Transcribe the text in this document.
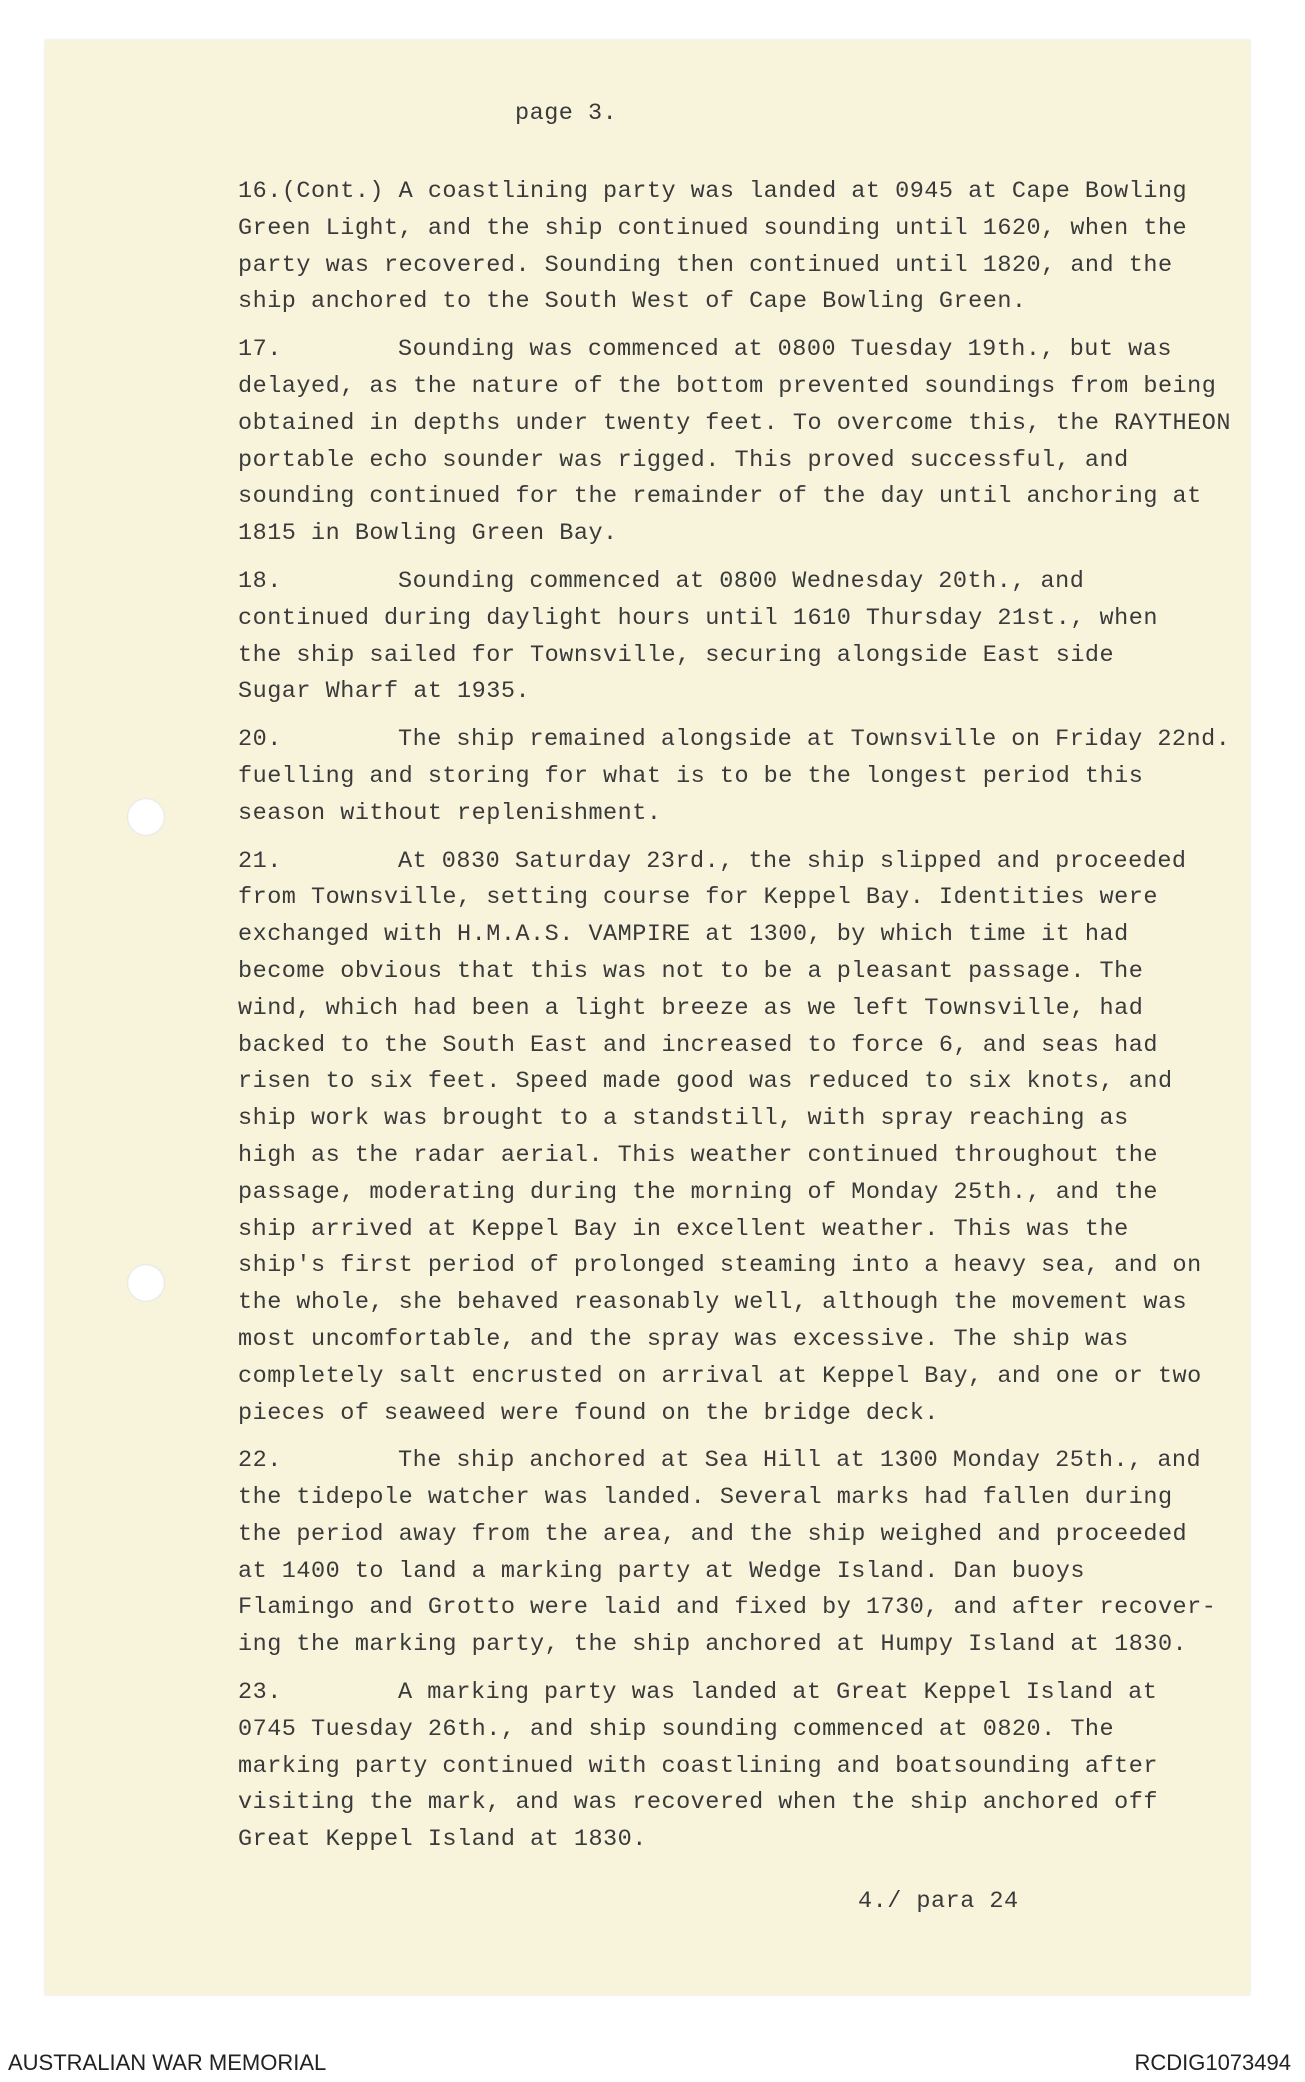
page 3.
16.(Cont.) A coastlining party was landed at 0945 at Cape Bowling
Green Light, and the ship continued sounding until 1620, when the
party was recovered. Sounding then continued until 1820, and the
ship anchored to the South West of Cape Bowling Green.
17.	Sounding was commenced at 0800 Tuesday 19th., but was
delayed, as the nature of the bottom prevented soundings from being
obtained in depths under twenty feet. To overcome this, the RAYTHEON
portable echo sounder was rigged. This proved successful, and
sounding continued for the remainder of the day until anchoring at
1815 in Bowling Green Bay.
18.	Sounding commenced at 0800 Wednesday 20th., and
continued during daylight hours until 1610 Thursday 21st., when
the ship sailed for Townsville, securing alongside East side
Sugar Wharf at 1935.
20.	The ship remained alongside at Townsville on Friday 22nd.
fuelling and storing for what is to be the longest period this
season without replenishment.
21.	At 0830 Saturday 23rd., the ship slipped and proceeded
from Townsville, setting course for Keppel Bay. Identities were
exchanged with H.M.A.S. VAMPIRE at 1300, by which time it had
become obvious that this was not to be a pleasant passage. The
wind, which had been a light breeze as we left Townsville, had
backed to the South East and increased to force 6, and seas had
risen to six feet. Speed made good was reduced to six knots, and
ship work was brought to a standstill, with spray reaching as
high as the radar aerial. This weather continued throughout the
passage, moderating during the morning of Monday 25th., and the
ship arrived at Keppel Bay in excellent weather. This was the
ship's first period of prolonged steaming into a heavy sea, and on
the whole, she behaved reasonably well, although the movement was
most uncomfortable, and the spray was excessive. The ship was
completely salt encrusted on arrival at Keppel Bay, and one or two
pieces of seaweed were found on the bridge deck.
22.	The ship anchored at Sea Hill at 1300 Monday 25th., and
the tidepole watcher was landed. Several marks had fallen during
the period away from the area, and the ship weighed and proceeded
at 1400 to land a marking party at Wedge Island. Dan buoys
Flamingo and Grotto were laid and fixed by 1730, and after recover-
ing the marking party, the ship anchored at Humpy Island at 1830.
23.	A marking party was landed at Great Keppel Island at
0745 Tuesday 26th., and ship sounding commenced at 0820. The
marking party continued with coastlining and boatsounding after
visiting the mark, and was recovered when the ship anchored off
Great Keppel Island at 1830.
4./ para 24
AUSTRALIAN WAR MEMORIAL	RCDIG1073494
